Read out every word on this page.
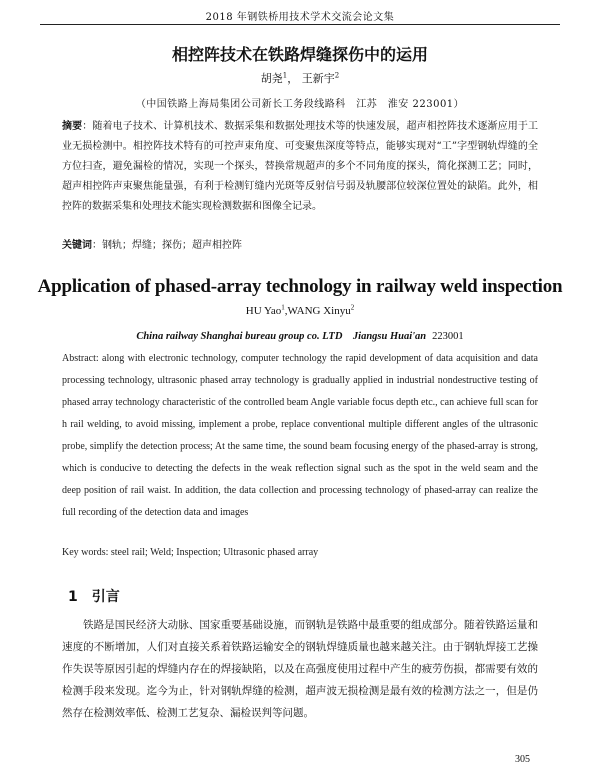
2018 年钢铁桥用技术学术交流会论文集
相控阵技术在铁路焊缝探伤中的运用
胡尧$^1$， 王新宇$^2$
（中国铁路上海局集团公司新长工务段线路科　江苏　淮安 223001）
摘要：随着电子技术、计算机技术、数据采集和数据处理技术等的快速发展，超声相控阵技术逐渐应用于工业无损检测中。相控阵技术特有的可控声束角度、可变聚焦深度等特点，能够实现对“工”字型钢轨焊缝的全方位扫查，避免漏检的情况，实现一个探头，替换常规超声的多个不同角度的探头，简化探测工艺；同时，超声相控阵声束聚焦能量强，有利于检测钉缝内光斑等反射信号弱及轨腰部位较深位置处的缺陷。此外，相控阵的数据采集和处理技术能实现检测数据和图像全记录。
关键词：钢轨；焊缝；探伤；超声相控阵
Application of phased-array technology in railway weld inspection
HU Yao$^1$,WANG Xinyu$^2$
China railway Shanghai bureau group co. LTD　Jiangsu Huai'an 223001
Abstract: along with electronic technology, computer technology the rapid development of data acquisition and data processing technology, ultrasonic phased array technology is gradually applied in industrial nondestructive testing of phased array technology characteristic of the controlled beam Angle variable focus depth etc., can achieve full scan for h rail welding, to avoid missing, implement a probe, replace conventional multiple different angles of the ultrasonic probe, simplify the detection process; At the same time, the sound beam focusing energy of the phased-array is strong, which is conducive to detecting the defects in the weak reflection signal such as the spot in the weld seam and the deep position of rail waist. In addition, the data collection and processing technology of phased-array can realize the full recording of the detection data and images
Key words: steel rail; Weld; Inspection; Ultrasonic phased array
1 引言
铁路是国民经济大动脉、国家重要基础设施，而钢轨是铁路中最重要的组成部分。随着铁路运量和速度的不断增加，人们对直接关系着铁路运输安全的钢轨焊缝质量也越来越关注。由于钢轨焊接工艺操作失误等原因引起的焊缝内存在的焊接缺陷，以及在高强度使用过程中产生的疲劳伤损，都需要有效的检测手段来发现。迄今为止，针对钢轨焊缝的检测，超声波无损检测是最有效的检测方法之一，但是仍然存在检测效率低、检测工艺复杂、漏检误判等问题。
305
